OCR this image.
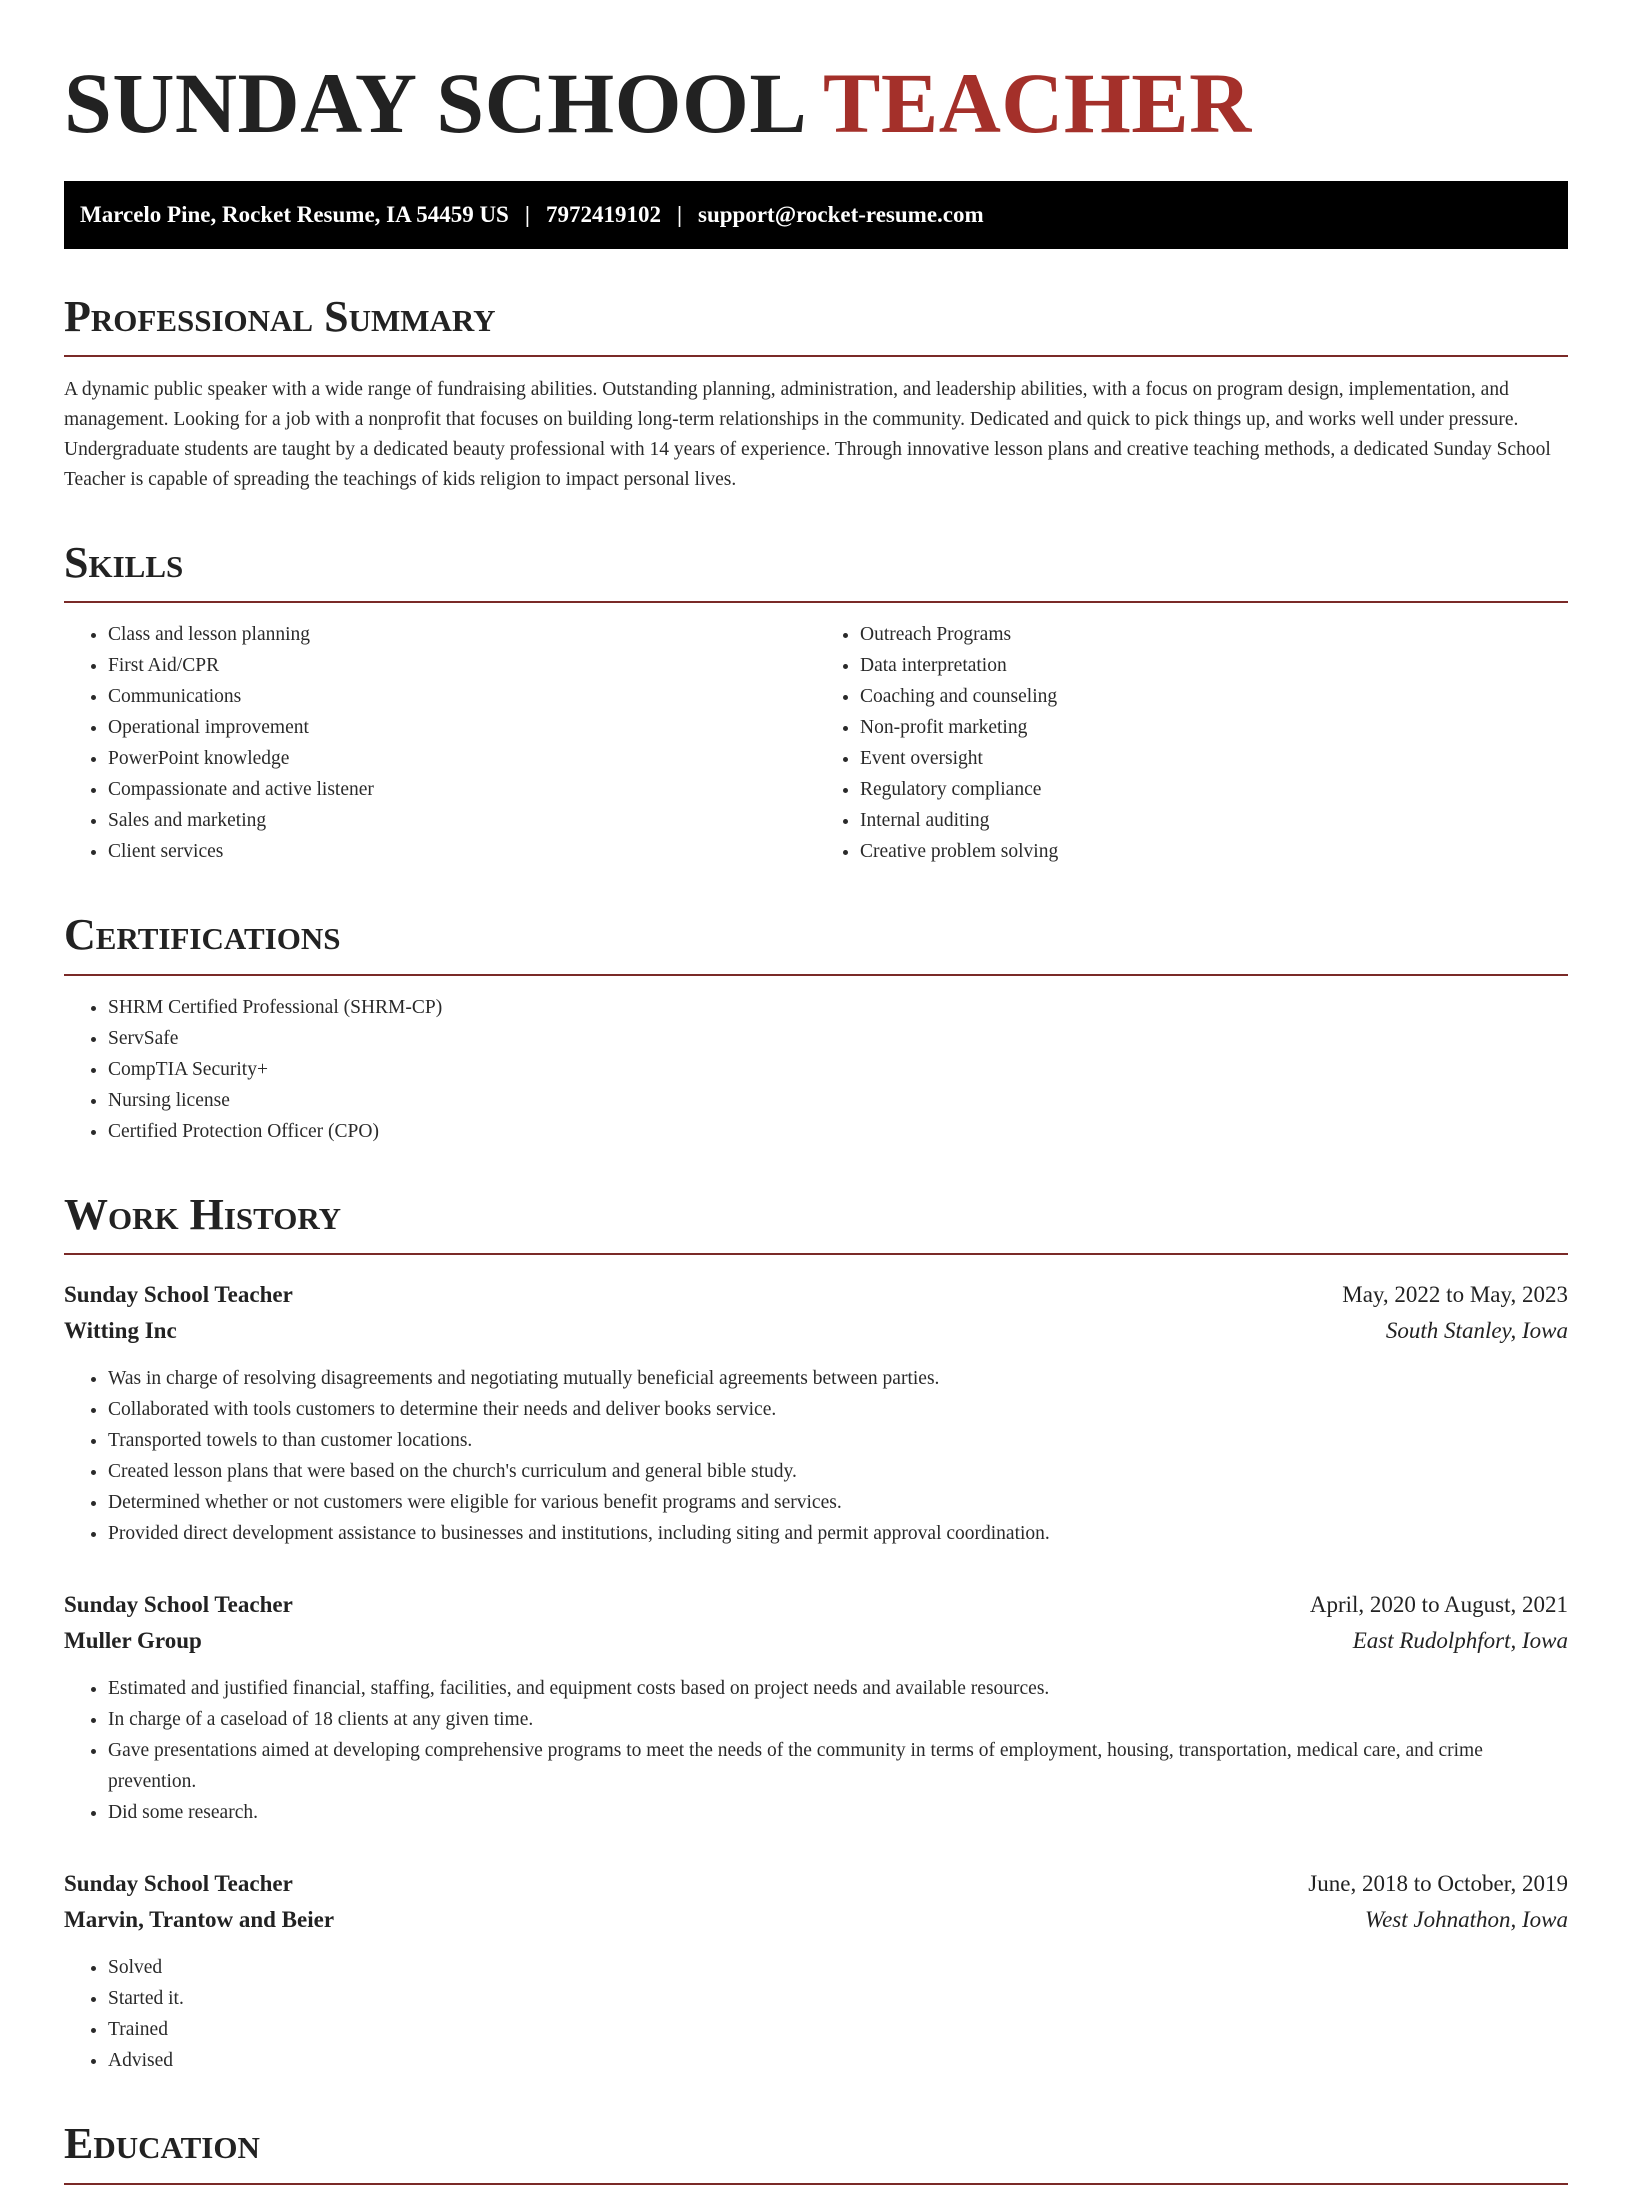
SUNDAY SCHOOL TEACHER
Marcelo Pine, Rocket Resume, IA 54459 US | 7972419102 | support@rocket-resume.com
Professional Summary

A dynamic public speaker with a wide range of fundraising abilities. Outstanding planning, administration, and leadership abilities, with a focus on program design, implementation, and management. Looking for a job with a nonprofit that focuses on building long-term relationships in the community. Dedicated and quick to pick things up, and works well under pressure. Undergraduate students are taught by a dedicated beauty professional with 14 years of experience. Through innovative lesson plans and creative teaching methods, a dedicated Sunday School Teacher is capable of spreading the teachings of kids religion to impact personal lives.

Skills
• Class and lesson planning
• First Aid/CPR
• Communications
• Operational improvement
• PowerPoint knowledge
• Compassionate and active listener
• Sales and marketing
• Client services
• Outreach Programs
• Data interpretation
• Coaching and counseling
• Non-profit marketing
• Event oversight
• Regulatory compliance
• Internal auditing
• Creative problem solving
Certifications
• SHRM Certified Professional (SHRM-CP)
• ServSafe
• CompTIA Security+
• Nursing license
• Certified Protection Officer (CPO)
Work History
Sunday School Teacher	May, 2022 to May, 2023
Witting Inc	South Stanley, Iowa
• Was in charge of resolving disagreements and negotiating mutually beneficial agreements between parties.
• Collaborated with tools customers to determine their needs and deliver books service.
• Transported towels to than customer locations.
• Created lesson plans that were based on the church's curriculum and general bible study.
• Determined whether or not customers were eligible for various benefit programs and services.
• Provided direct development assistance to businesses and institutions, including siting and permit approval coordination.
Sunday School Teacher	April, 2020 to August, 2021
Muller Group	East Rudolphfort, Iowa
• Estimated and justified financial, staffing, facilities, and equipment costs based on project needs and available resources.
• In charge of a caseload of 18 clients at any given time.
• Gave presentations aimed at developing comprehensive programs to meet the needs of the community in terms of employment, housing, transportation, medical care, and crime prevention.
• Did some research.
Sunday School Teacher	June, 2018 to October, 2019
Marvin, Trantow and Beier	West Johnathon, Iowa
• Solved
• Started it.
• Trained
• Advised
Education
